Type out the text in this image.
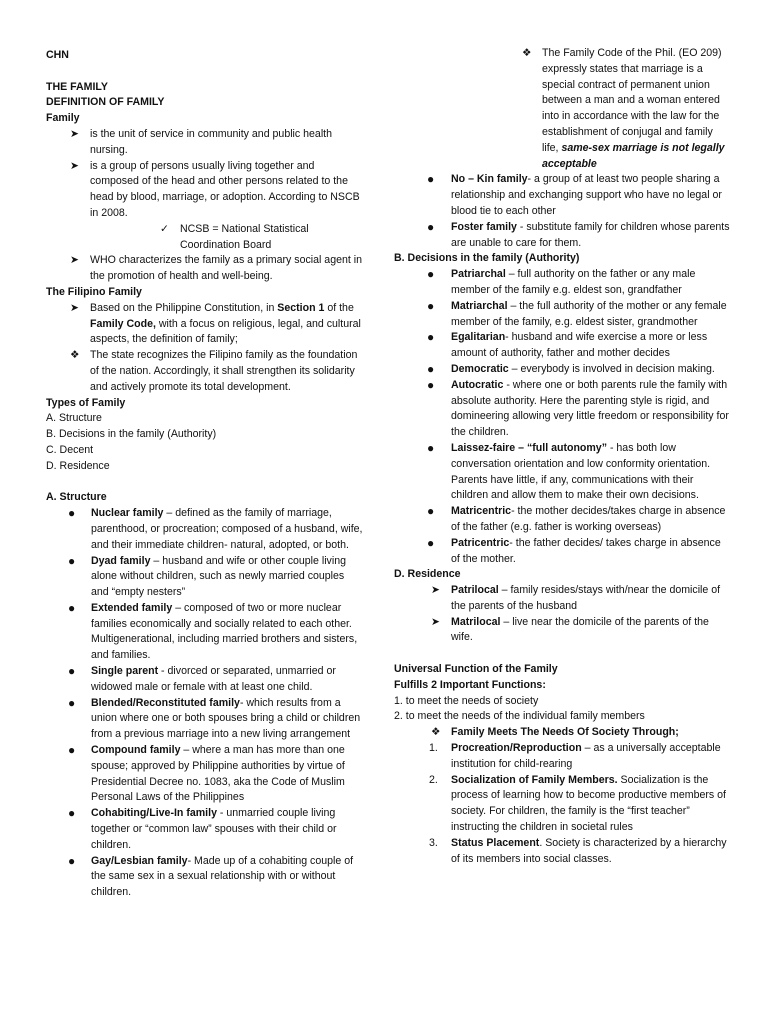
CHN

THE FAMILY

DEFINITION OF FAMILY

Family

➤ is the unit of service in community and public health nursing.
➤ is a group of persons usually living together and composed of the head and other persons related to the head by blood, marriage, or adoption. According to NSCB in 2008.
✓ NCSB = National Statistical Coordination Board
➤ WHO characterizes the family as a primary social agent in the promotion of health and well-being.

The Filipino Family

➤ Based on the Philippine Constitution, in Section 1 of the Family Code, with a focus on religious, legal, and cultural aspects, the definition of family;
❖ The state recognizes the Filipino family as the foundation of the nation. Accordingly, it shall strengthen its solidarity and actively promote its total development.

Types of Family

A. Structure

B. Decisions in the family (Authority)

C. Decent

D. Residence

A. Structure

● Nuclear family – defined as the family of marriage, parenthood, or procreation; composed of a husband, wife, and their immediate children- natural, adopted, or both.
● Dyad family – husband and wife or other couple living alone without children, such as newly married couples and “empty nesters”
● Extended family – composed of two or more nuclear families economically and socially related to each other. Multigenerational, including married brothers and sisters, and families.
● Single parent - divorced or separated, unmarried or widowed male or female with at least one child.
● Blended/Reconstituted family- which results from a union where one or both spouses bring a child or children from a previous marriage into a new living arrangement
● Compound family – where a man has more than one spouse; approved by Philippine authorities by virtue of Presidential Decree no. 1083, aka the Code of Muslim Personal Laws of the Philippines
● Cohabiting/Live-In family - unmarried couple living together or “common law” spouses with their child or children.
● Gay/Lesbian family- Made up of a cohabiting couple of the same sex in a sexual relationship with or without children.
❖ The Family Code of the Phil. (EO 209) expressly states that marriage is a special contract of permanent union between a man and a woman entered into in accordance with the law for the establishment of conjugal and family life, same-sex marriage is not legally acceptable
● No – Kin family- a group of at least two people sharing a relationship and exchanging support who have no legal or blood tie to each other
● Foster family - substitute family for children whose parents are unable to care for them.

B. Decisions in the family (Authority)

● Patriarchal – full authority on the father or any male member of the family e.g. eldest son, grandfather
● Matriarchal – the full authority of the mother or any female member of the family, e.g. eldest sister, grandmother
● Egalitarian- husband and wife exercise a more or less amount of authority, father and mother decides
● Democratic – everybody is involved in decision making.
● Autocratic - where one or both parents rule the family with absolute authority. Here the parenting style is rigid, and domineering allowing very little freedom or responsibility for the children.
● Laissez-faire – “full autonomy” - has both low conversation orientation and low conformity orientation. Parents have little, if any, communications with their children and allow them to make their own decisions.
● Matricentric- the mother decides/takes charge in absence of the father (e.g. father is working overseas)
● Patricentric- the father decides/ takes charge in absence of the mother.

D. Residence

➤ Patrilocal – family resides/stays with/near the domicile of the parents of the husband
➤ Matrilocal – live near the domicile of the parents of the wife.

Universal Function of the Family

Fulfills 2 Important Functions:

1. to meet the needs of society

2. to meet the needs of the individual family members

❖ Family Meets The Needs Of Society Through;
1. Procreation/Reproduction – as a universally acceptable institution for child-rearing
2. Socialization of Family Members. Socialization is the process of learning how to become productive members of society. For children, the family is the “first teacher” instructing the children in societal rules
3. Status Placement. Society is characterized by a hierarchy of its members into social classes.
